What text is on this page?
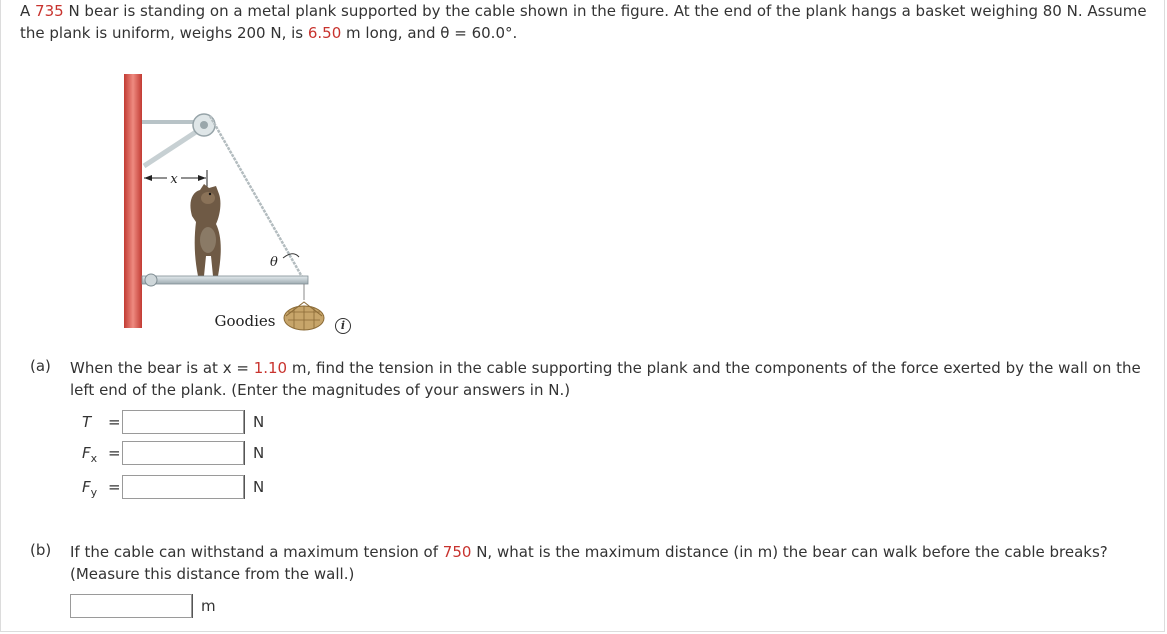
A 735 N bear is standing on a metal plank supported by the cable shown in the figure. At the end of the plank hangs a basket weighing 80 N. Assume the plank is uniform, weighs 200 N, is 6.50 m long, and θ = 60.0°.
x
θ
Goodies	i
(a) When the bear is at x = 1.10 m, find the tension in the cable supporting the plank and the components of the force exerted by the wall on the left end of the plank. (Enter the magnitudes of your answers in N.)
T	=	N
$F_x$ =	N
$F_y$ =	N
(b) If the cable can withstand a maximum tension of 750 N, what is the maximum distance (in m) the bear can walk before the cable breaks? (Measure this distance from the wall.)
m
